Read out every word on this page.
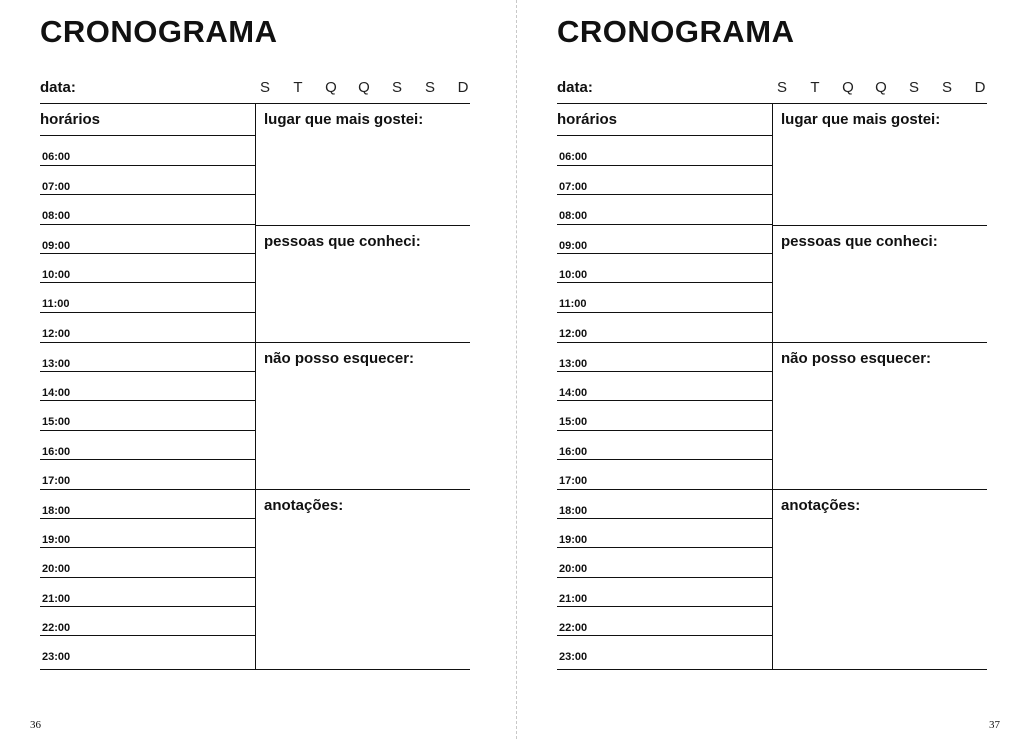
CRONOGRAMA
data:	S T Q Q S S D
horários
06:00
07:00
08:00
09:00
10:00
11:00
12:00
13:00
14:00
15:00
16:00
17:00
18:00
19:00
20:00
21:00
22:00
23:00
lugar que mais gostei:
pessoas que conheci:
não posso esquecer:
anotações:
36
CRONOGRAMA
data:	S T Q Q S S D
horários
06:00
07:00
08:00
09:00
10:00
11:00
12:00
13:00
14:00
15:00
16:00
17:00
18:00
19:00
20:00
21:00
22:00
23:00
lugar que mais gostei:
pessoas que conheci:
não posso esquecer:
anotações:
37
